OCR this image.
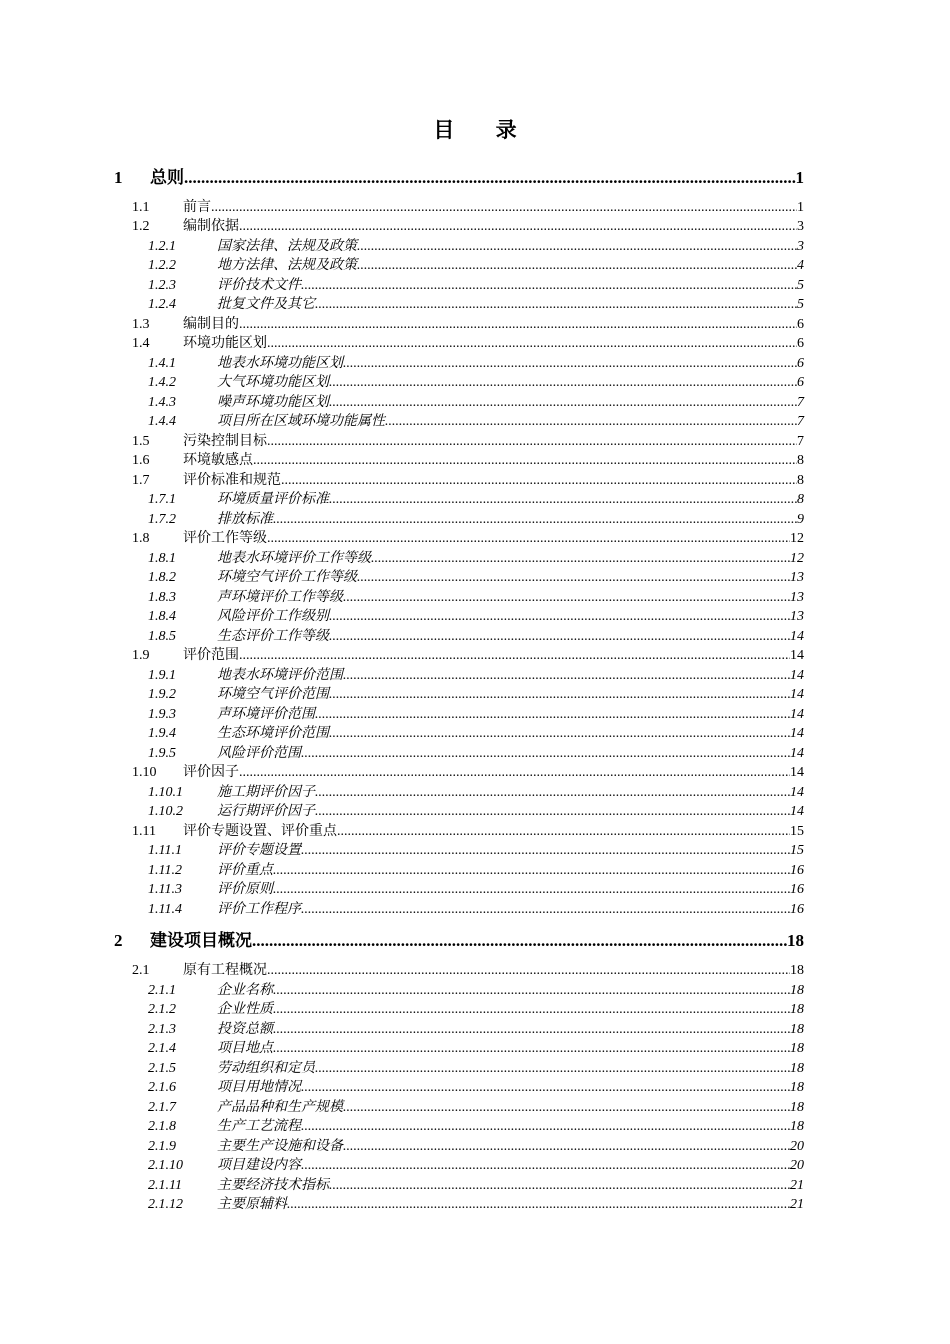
目 录
1	总则 .....	1
1.1	前言 .....	1
1.2	编制依据 .....	3
1.2.1	国家法律、法规及政策 .....	3
1.2.2	地方法律、法规及政策 .....	4
1.2.3	评价技术文件 .....	5
1.2.4	批复文件及其它 .....	5
1.3	编制目的 .....	6
1.4	环境功能区划 .....	6
1.4.1	地表水环境功能区划 .....	6
1.4.2	大气环境功能区划 .....	6
1.4.3	噪声环境功能区划 .....	7
1.4.4	项目所在区域环境功能属性 .....	7
1.5	污染控制目标 .....	7
1.6	环境敏感点 .....	8
1.7	评价标准和规范 .....	8
1.7.1	环境质量评价标准 .....	8
1.7.2	排放标准 .....	9
1.8	评价工作等级 .....	12
1.8.1	地表水环境评价工作等级 .....	12
1.8.2	环境空气评价工作等级 .....	13
1.8.3	声环境评价工作等级 .....	13
1.8.4	风险评价工作级别 .....	13
1.8.5	生态评价工作等级 .....	14
1.9	评价范围 .....	14
1.9.1	地表水环境评价范围 .....	14
1.9.2	环境空气评价范围 .....	14
1.9.3	声环境评价范围 .....	14
1.9.4	生态环境评价范围 .....	14
1.9.5	风险评价范围 .....	14
1.10	评价因子 .....	14
1.10.1	施工期评价因子 .....	14
1.10.2	运行期评价因子 .....	14
1.11	评价专题设置、评价重点 .....	15
1.11.1	评价专题设置 .....	15
1.11.2	评价重点 .....	16
1.11.3	评价原则 .....	16
1.11.4	评价工作程序 .....	16
2	建设项目概况 .....	18
2.1	原有工程概况 .....	18
2.1.1	企业名称 .....	18
2.1.2	企业性质 .....	18
2.1.3	投资总额 .....	18
2.1.4	项目地点 .....	18
2.1.5	劳动组织和定员 .....	18
2.1.6	项目用地情况 .....	18
2.1.7	产品品种和生产规模 .....	18
2.1.8	生产工艺流程 .....	18
2.1.9	主要生产设施和设备 .....	20
2.1.10	项目建设内容 .....	20
2.1.11	主要经济技术指标 .....	21
2.1.12	主要原辅料 .....	21
